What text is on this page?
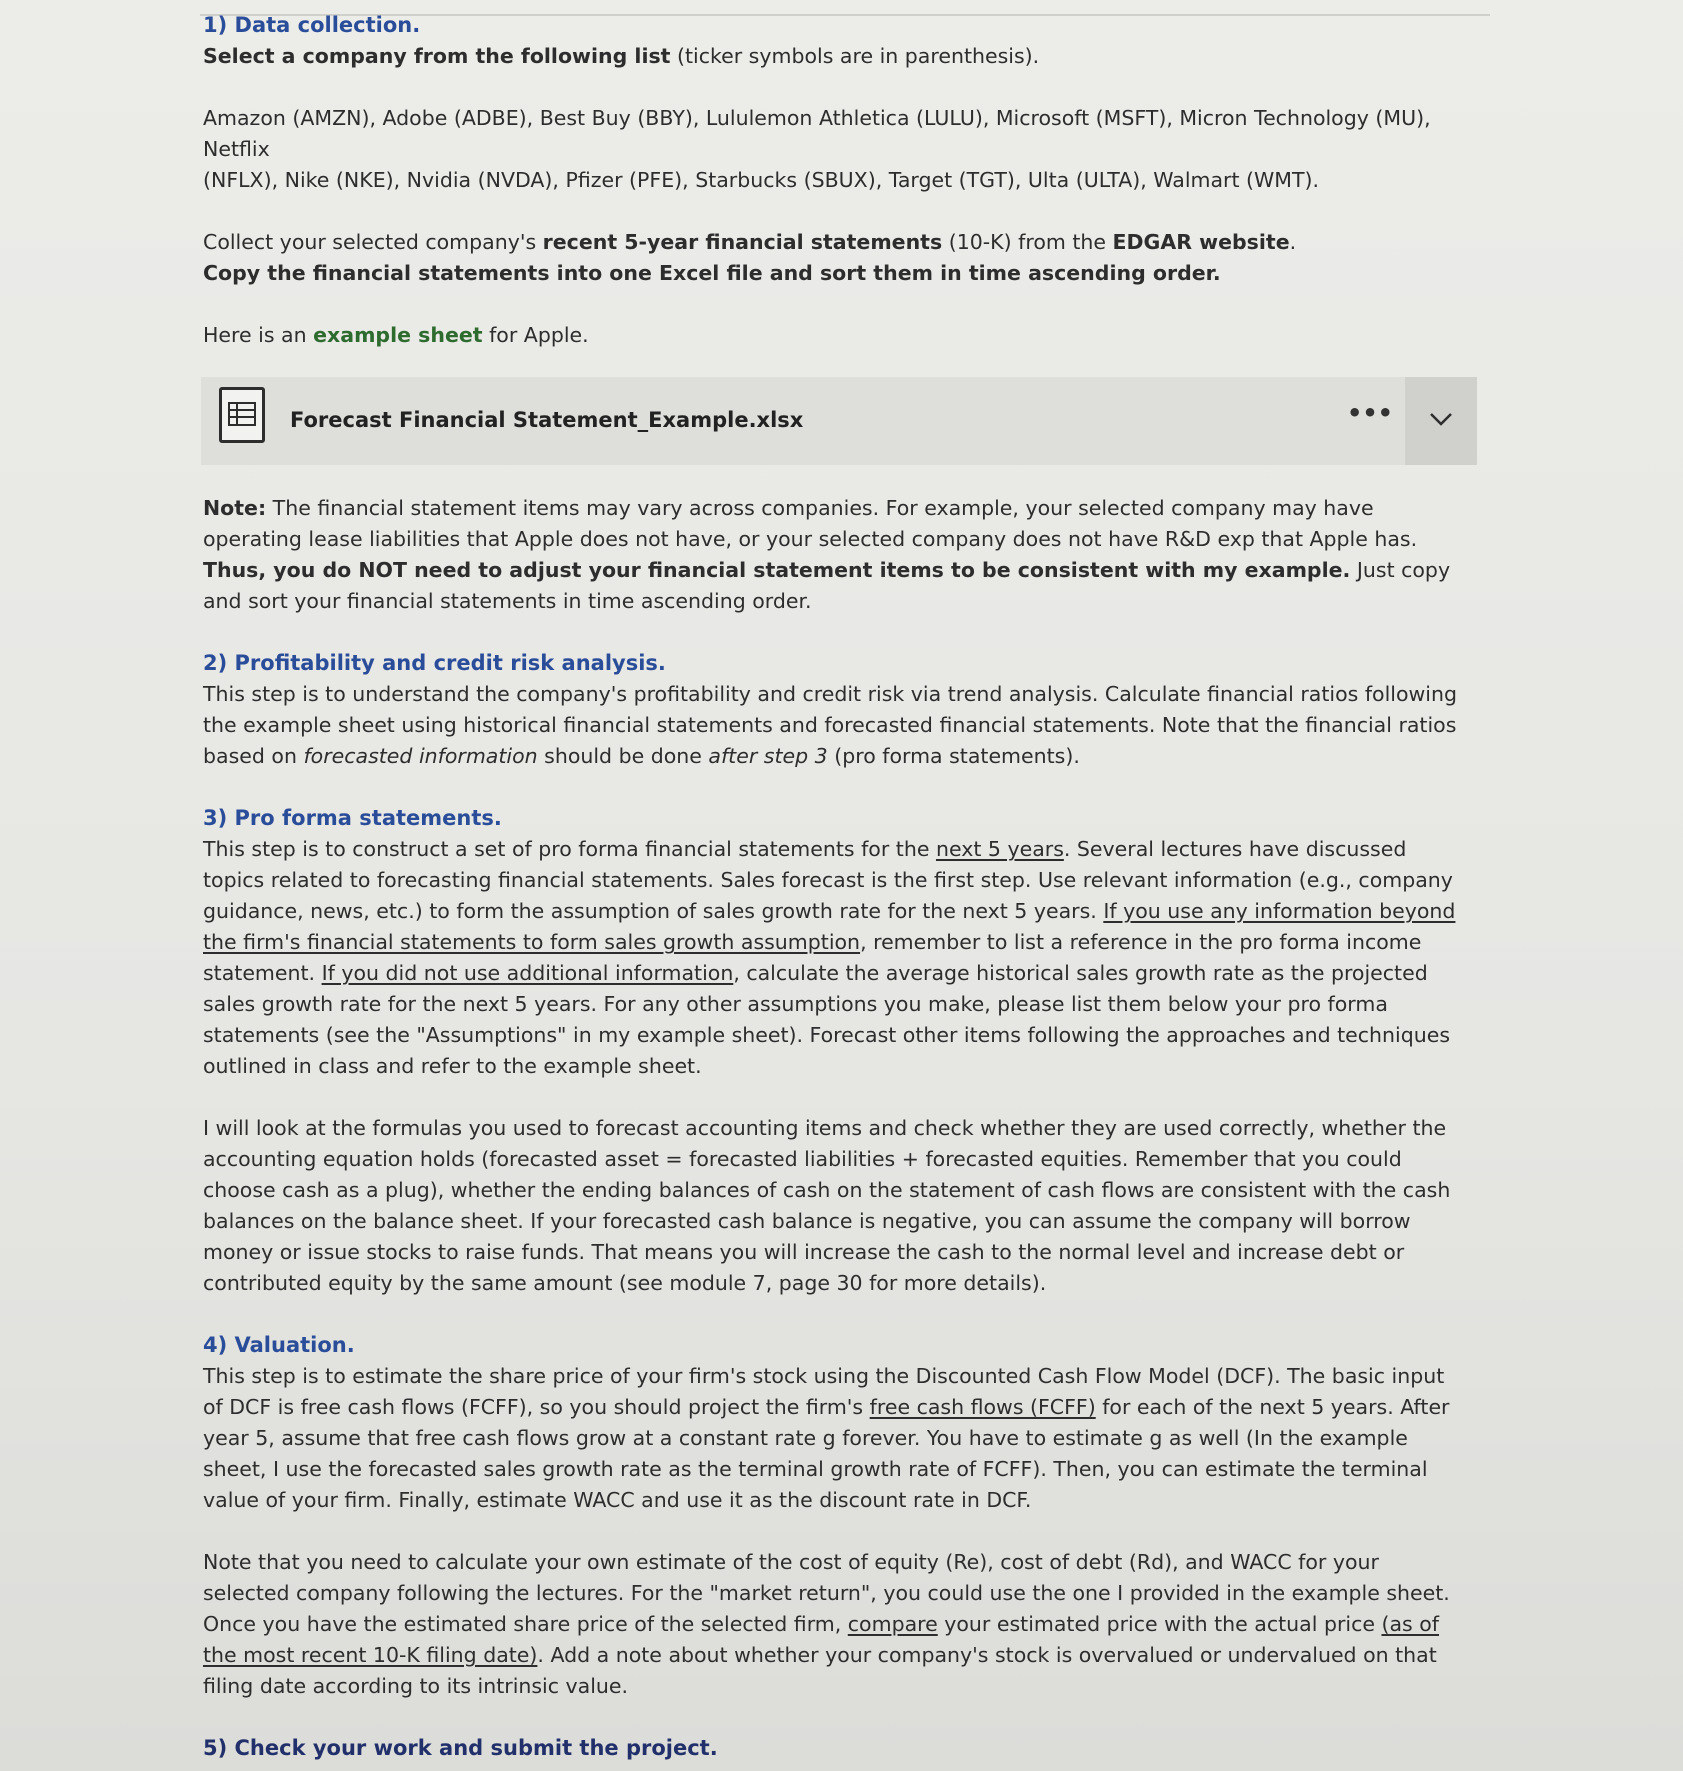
1) Data collection.

Select a company from the following list (ticker symbols are in parenthesis).

Amazon (AMZN), Adobe (ADBE), Best Buy (BBY), Lululemon Athletica (LULU), Microsoft (MSFT), Micron Technology (MU), Netflix

(NFLX), Nike (NKE), Nvidia (NVDA), Pfizer (PFE), Starbucks (SBUX), Target (TGT), Ulta (ULTA), Walmart (WMT).

Collect your selected company's recent 5-year financial statements (10-K) from the EDGAR website.

Copy the financial statements into one Excel file and sort them in time ascending order.

Here is an example sheet for Apple.

Forecast Financial Statement_Example.xlsx	•••

Note: The financial statement items may vary across companies. For example, your selected company may have operating lease liabilities that Apple does not have, or your selected company does not have R&D exp that Apple has. Thus, you do NOT need to adjust your financial statement items to be consistent with my example. Just copy and sort your financial statements in time ascending order.

2) Profitability and credit risk analysis.

This step is to understand the company's profitability and credit risk via trend analysis. Calculate financial ratios following the example sheet using historical financial statements and forecasted financial statements. Note that the financial ratios based on forecasted information should be done after step 3 (pro forma statements).

3) Pro forma statements.

This step is to construct a set of pro forma financial statements for the next 5 years. Several lectures have discussed topics related to forecasting financial statements. Sales forecast is the first step. Use relevant information (e.g., company guidance, news, etc.) to form the assumption of sales growth rate for the next 5 years. If you use any information beyond the firm's financial statements to form sales growth assumption, remember to list a reference in the pro forma income statement. If you did not use additional information, calculate the average historical sales growth rate as the projected sales growth rate for the next 5 years. For any other assumptions you make, please list them below your pro forma statements (see the "Assumptions" in my example sheet). Forecast other items following the approaches and techniques outlined in class and refer to the example sheet.

I will look at the formulas you used to forecast accounting items and check whether they are used correctly, whether the accounting equation holds (forecasted asset = forecasted liabilities + forecasted equities. Remember that you could choose cash as a plug), whether the ending balances of cash on the statement of cash flows are consistent with the cash balances on the balance sheet. If your forecasted cash balance is negative, you can assume the company will borrow money or issue stocks to raise funds. That means you will increase the cash to the normal level and increase debt or contributed equity by the same amount (see module 7, page 30 for more details).

4) Valuation.

This step is to estimate the share price of your firm's stock using the Discounted Cash Flow Model (DCF). The basic input of DCF is free cash flows (FCFF), so you should project the firm's free cash flows (FCFF) for each of the next 5 years. After year 5, assume that free cash flows grow at a constant rate g forever. You have to estimate g as well (In the example sheet, I use the forecasted sales growth rate as the terminal growth rate of FCFF). Then, you can estimate the terminal value of your firm. Finally, estimate WACC and use it as the discount rate in DCF.

Note that you need to calculate your own estimate of the cost of equity (Re), cost of debt (Rd), and WACC for your selected company following the lectures. For the "market return", you could use the one I provided in the example sheet. Once you have the estimated share price of the selected firm, compare your estimated price with the actual price (as of the most recent 10-K filing date). Add a note about whether your company's stock is overvalued or undervalued on that filing date according to its intrinsic value.

5) Check your work and submit the project.
